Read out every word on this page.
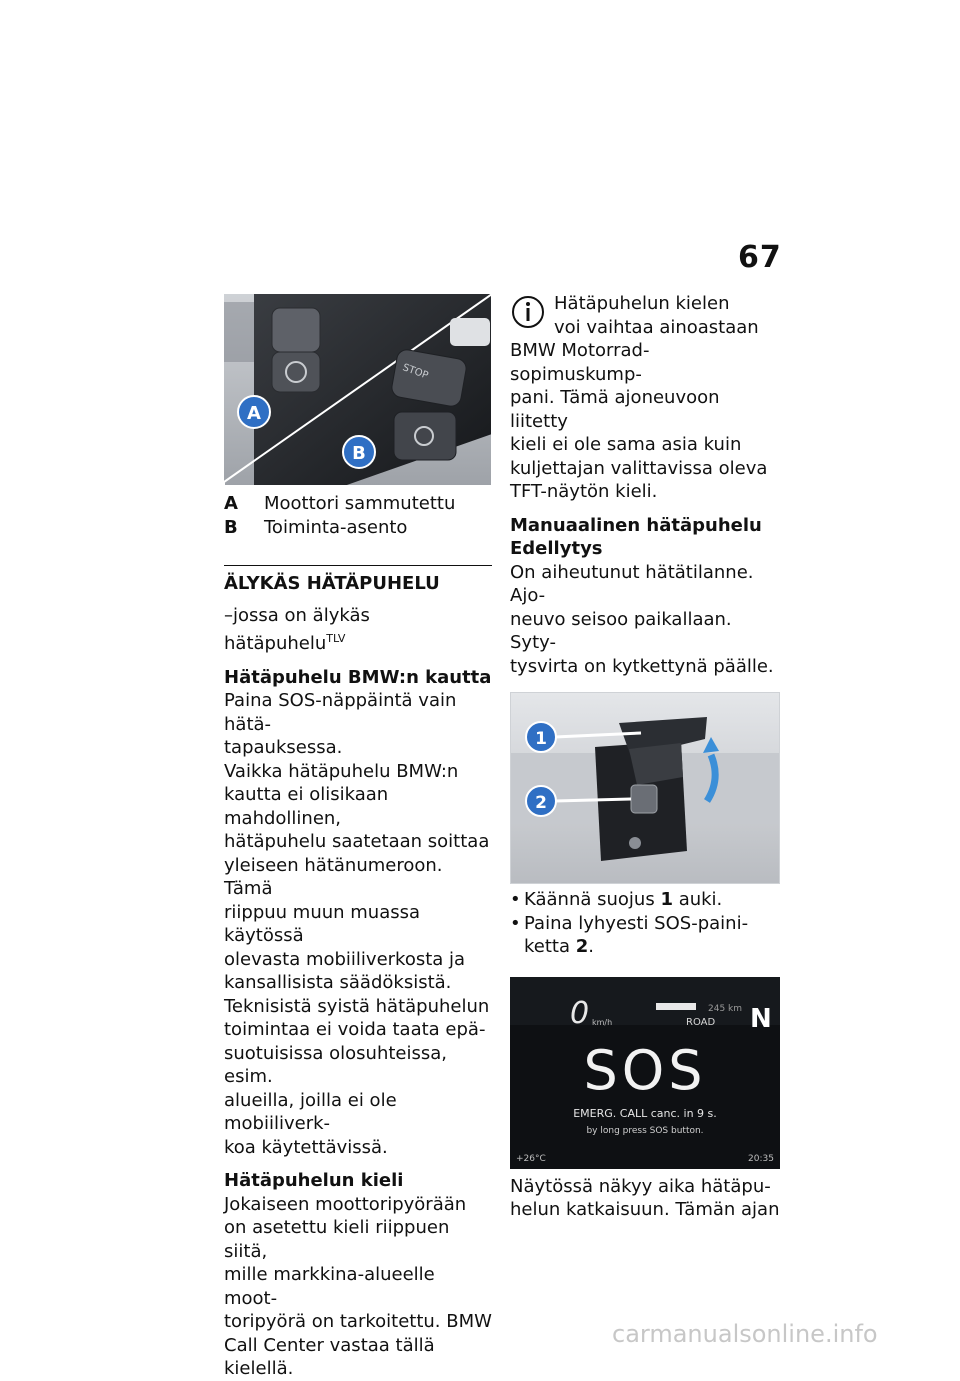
67
STOP
A
B
A	Moottori sammutettu
B	Toiminta-asento
ÄLYKÄS HÄTÄPUHELU

–jossa on älykäs hätäpuhelu$^{TLV}$

Hätäpuhelu BMW:n kautta

Paina SOS-näppäintä vain hätä-

tapauksessa.

Vaikka hätäpuhelu BMW:n

kautta ei olisikaan mahdollinen,

hätäpuhelu saatetaan soittaa

yleiseen hätänumeroon. Tämä

riippuu muun muassa käytössä

olevasta mobiiliverkosta ja

kansallisista säädöksistä.

Teknisistä syistä hätäpuhelun

toimintaa ei voida taata epä-

suotuisissa olosuhteissa, esim.

alueilla, joilla ei ole mobiiliverk-

koa käytettävissä.

Hätäpuhelun kieli

Jokaiseen moottoripyörään

on asetettu kieli riippuen siitä,

mille markkina-alueelle moot-

toripyörä on tarkoitettu. BMW

Call Center vastaa tällä kielellä.

Hätäpuhelun kielen

voi vaihtaa ainoastaan

BMW Motorrad-sopimuskump-

pani. Tämä ajoneuvoon liitetty

kieli ei ole sama asia kuin

kuljettajan valittavissa oleva

TFT-näytön kieli.

Manuaalinen hätäpuhelu

Edellytys

On aiheutunut hätätilanne. Ajo-

neuvo seisoo paikallaan. Syty-

tysvirta on kytkettynä päälle.

1
2
• Käännä suojus 1 auki.
• Paina lyhyesti SOS-paini-

ketta 2.

0 km/h
245 km
ROAD N
SOS
EMERG. CALL canc. in 9 s.
by long press SOS button.
+26°C	20:35

Näytössä näkyy aika hätäpu-

helun katkaisuun. Tämän ajan

carmanualsonline.info
